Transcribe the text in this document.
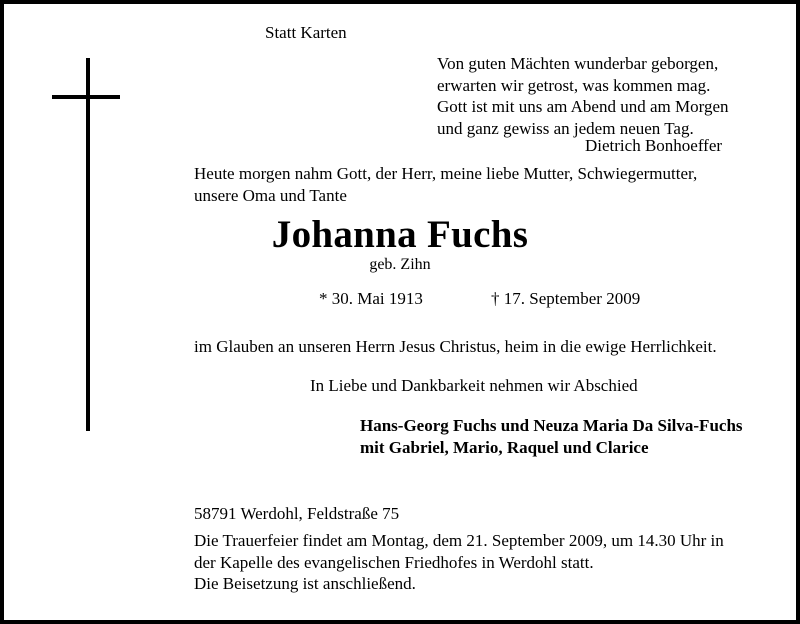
Statt Karten
Von guten Mächten wunderbar geborgen,
erwarten wir getrost, was kommen mag.
Gott ist mit uns am Abend und am Morgen
und ganz gewiss an jedem neuen Tag.
Dietrich Bonhoeffer
Heute morgen nahm Gott, der Herr, meine liebe Mutter, Schwiegermutter,
unsere Oma und Tante
Johanna Fuchs
geb. Zihn
* 30. Mai 1913	† 17. September 2009
im Glauben an unseren Herrn Jesus Christus, heim in die ewige Herrlichkeit.
In Liebe und Dankbarkeit nehmen wir Abschied
Hans-Georg Fuchs und Neuza Maria Da Silva-Fuchs
mit Gabriel, Mario, Raquel und Clarice
58791 Werdohl, Feldstraße 75
Die Trauerfeier findet am Montag, dem 21. September 2009, um 14.30 Uhr in
der Kapelle des evangelischen Friedhofes in Werdohl statt.
Die Beisetzung ist anschließend.
